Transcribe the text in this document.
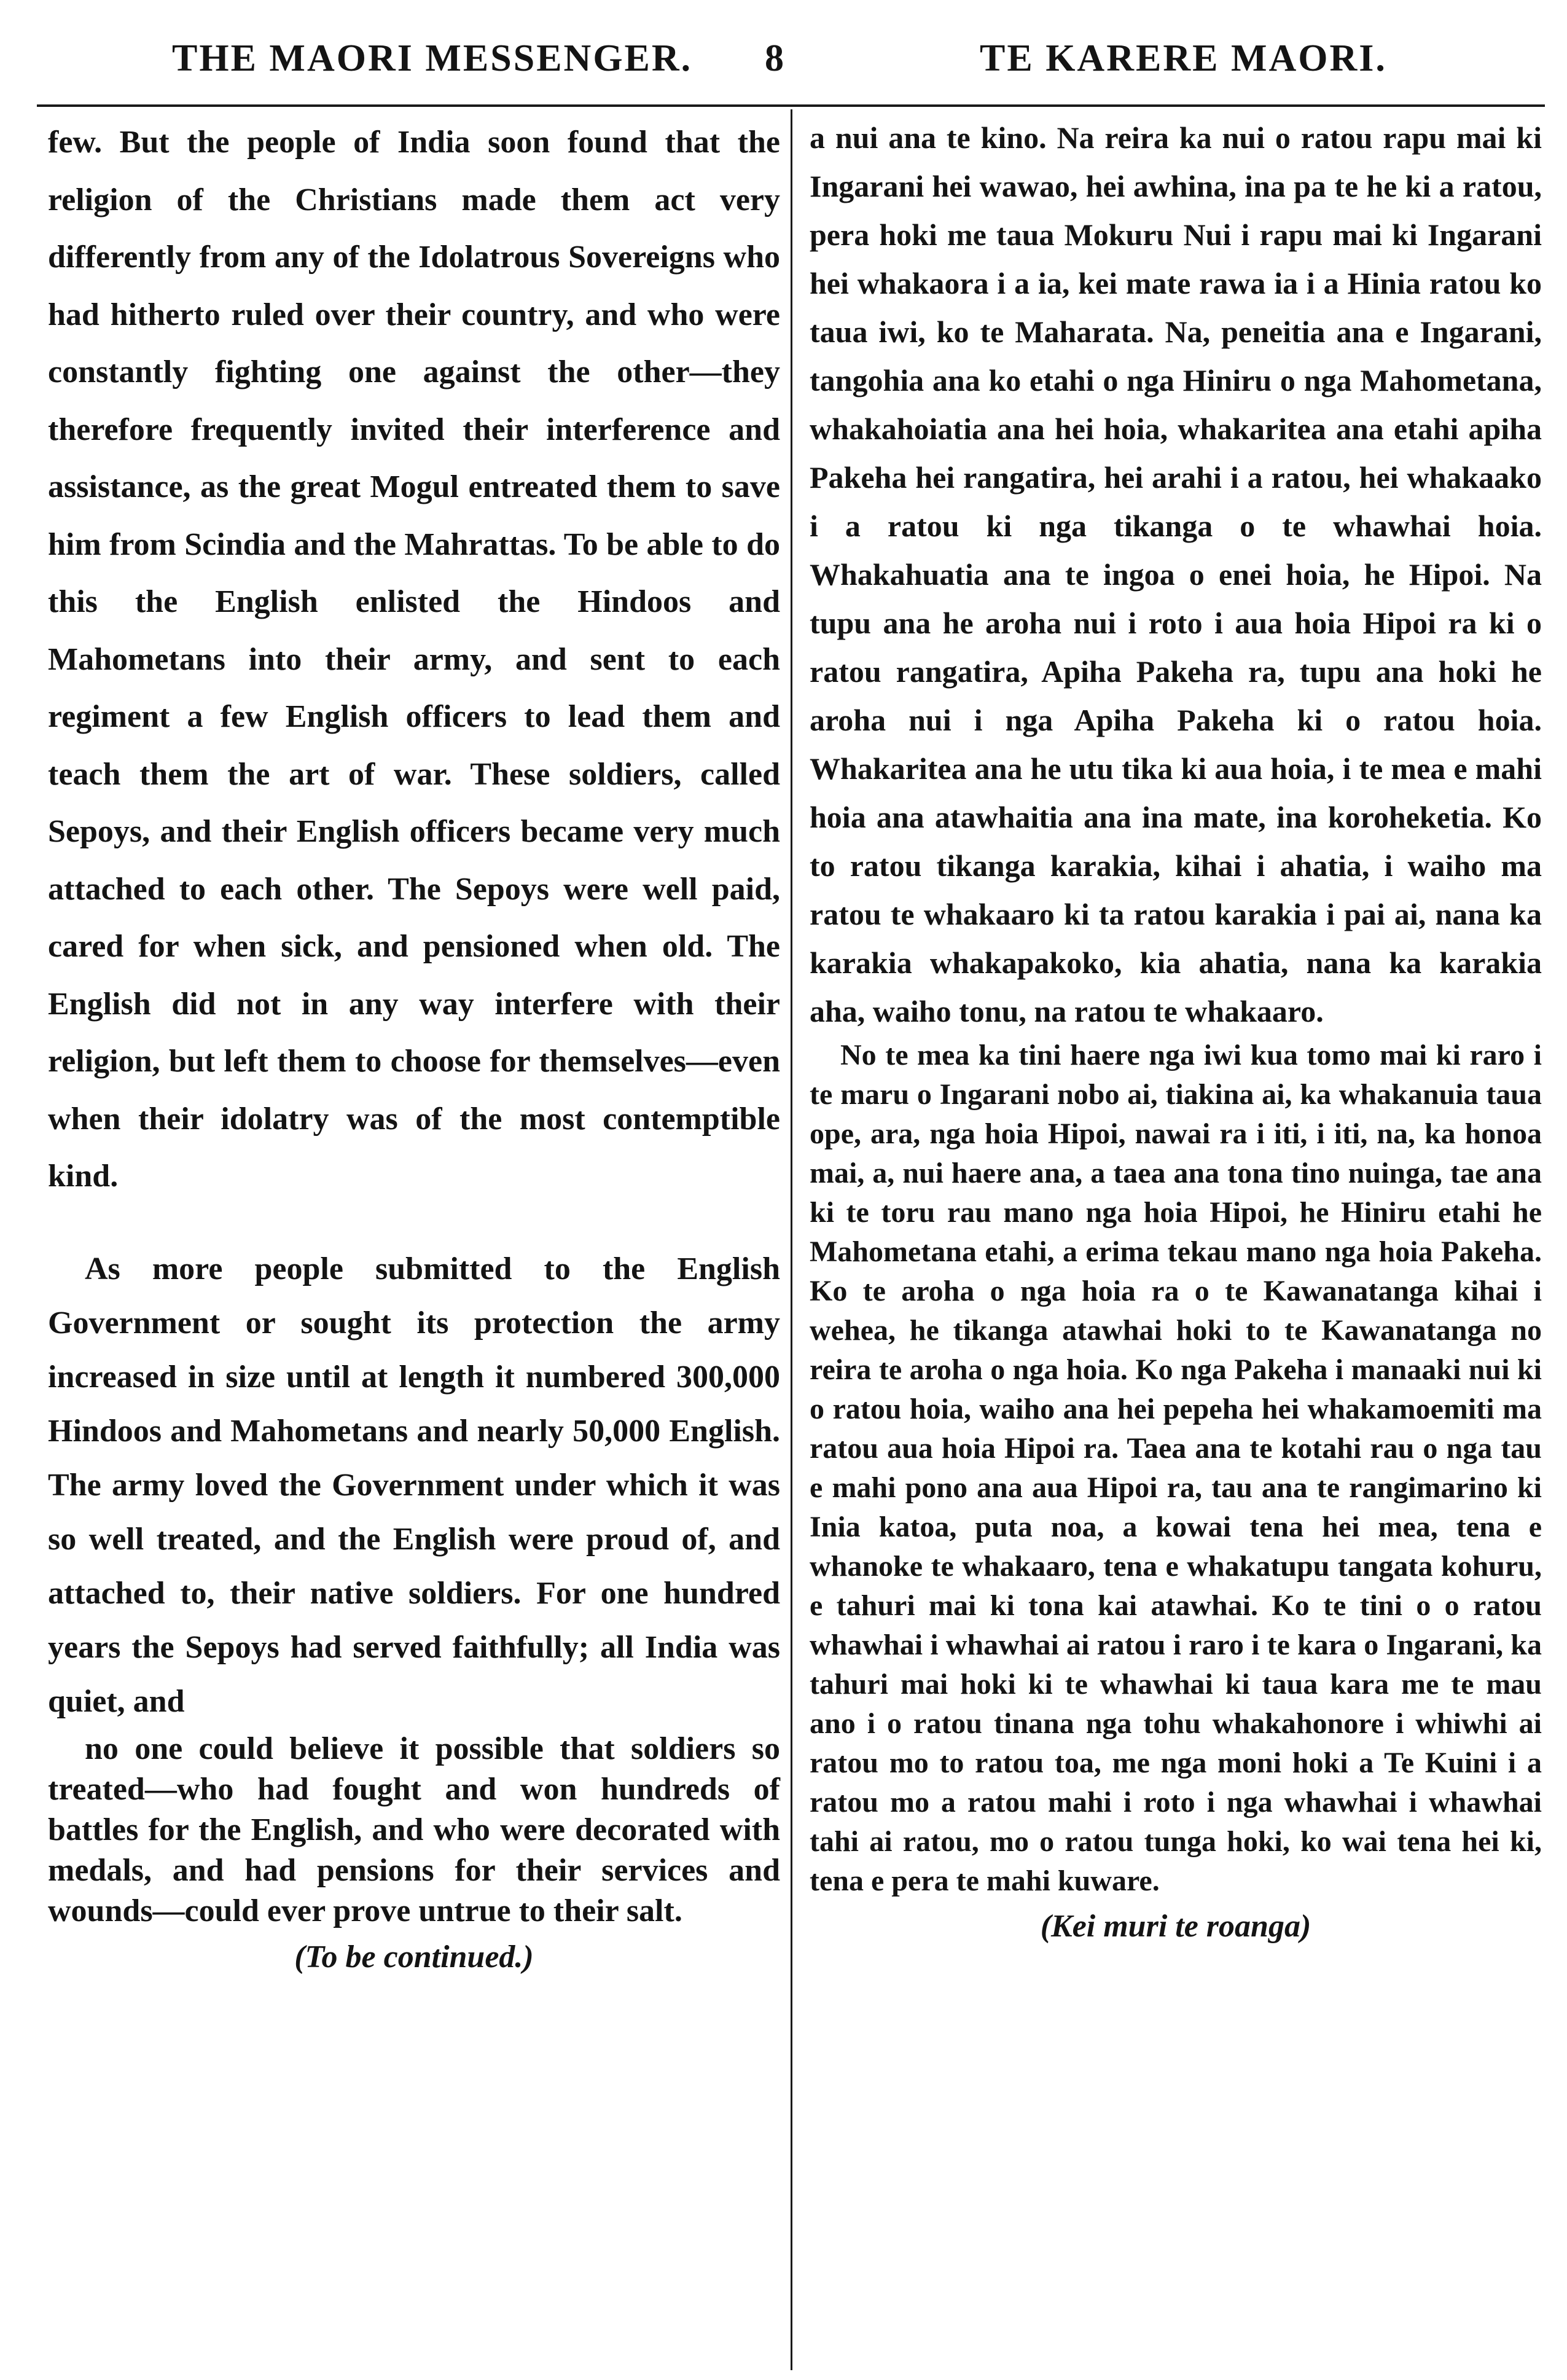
THE MAORI MESSENGER. 8	TE KARERE MAORI.

few. But the people of India soon found that the religion of the Christians made them act very differently from any of the Idolatrous Sovereigns who had hitherto ruled over their country, and who were constantly fighting one against the other—they therefore frequently invited their interference and assistance, as the great Mogul entreated them to save him from Scindia and the Mahrattas. To be able to do this the English enlisted the Hindoos and Mahometans into their army, and sent to each regiment a few English officers to lead them and teach them the art of war. These soldiers, called Sepoys, and their English officers became very much attached to each other. The Sepoys were well paid, cared for when sick, and pensioned when old. The English did not in any way interfere with their religion, but left them to choose for themselves—even when their idolatry was of the most contemptible kind.

As more people submitted to the English Government or sought its protection the army increased in size until at length it numbered 300,000 Hindoos and Mahometans and nearly 50,000 English. The army loved the Government under which it was so well treated, and the English were proud of, and attached to, their native soldiers. For one hundred years the Sepoys had served faithfully; all India was quiet, and
no one could believe it possible that soldiers so treated—who had fought and won hundreds of battles for the English, and who were decorated with medals, and had pensions for their services and wounds—could ever prove untrue to their salt.

(To be continued.)

a nui ana te kino. Na reira ka nui o ratou rapu mai ki Ingarani hei wawao, hei awhina, ina pa te he ki a ratou, pera hoki me taua Mokuru Nui i rapu mai ki Ingarani hei whakaora i a ia, kei mate rawa ia i a Hinia ratou ko taua iwi, ko te Maharata. Na, peneitia ana e Ingarani, tangohia ana ko etahi o nga Hiniru o nga Mahometana, whakahoiatia ana hei hoia, whakaritea ana etahi apiha Pakeha hei rangatira, hei arahi i a ratou, hei whakaako i a ratou ki nga tikanga o te whawhai hoia. Whakahuatia ana te ingoa o enei hoia, he Hipoi. Na tupu ana he aroha nui i roto i aua hoia Hipoi ra ki o ratou rangatira, Apiha Pakeha ra, tupu ana hoki he aroha nui i nga Apiha Pakeha ki o ratou hoia. Whakaritea ana he utu tika ki aua hoia, i te mea e mahi hoia ana atawhaitia ana ina mate, ina koroheketia. Ko to ratou tikanga karakia, kihai i ahatia, i waiho ma ratou te whakaaro ki ta ratou karakia i pai ai, nana ka karakia whakapakoko, kia ahatia, nana ka karakia aha, waiho tonu, na ratou te whakaaro.

No te mea ka tini haere nga iwi kua tomo mai ki raro i te maru o Ingarani nobo ai, tiakina ai, ka whakanuia taua ope, ara, nga hoia Hipoi, nawai ra i iti, i iti, na, ka honoa mai, a, nui haere ana, a taea ana tona tino nuinga, tae ana ki te toru rau mano nga hoia Hipoi, he Hiniru etahi he Mahometana etahi, a erima tekau mano nga hoia Pakeha. Ko te aroha o nga hoia ra o te Kawanatanga kihai i wehea, he tikanga atawhai hoki to te Kawanatanga no reira te aroha o nga hoia. Ko nga Pakeha i manaaki nui ki o ratou hoia, waiho ana hei pepeha hei whakamoemiti ma ratou aua hoia Hipoi ra. Taea ana te kotahi rau o nga tau e mahi pono ana aua Hipoi ra, tau ana te rangimarino ki Inia katoa, puta noa, a kowai tena hei mea, tena e whanoke te whakaaro, tena e whakatupu tangata kohuru, e tahuri mai ki tona kai atawhai. Ko te tini o o ratou whawhai i whawhai ai ratou i raro i te kara o Ingarani, ka tahuri mai hoki ki te whawhai ki taua kara me te mau ano i o ratou tinana nga tohu whakahonore i whiwhi ai ratou mo to ratou toa, me nga moni hoki a Te Kuini i a ratou mo a ratou mahi i roto i nga whawhai i whawhai tahi ai ratou, mo o ratou tunga hoki, ko wai tena hei ki, tena e pera te mahi kuware.

(Kei muri te roanga)
